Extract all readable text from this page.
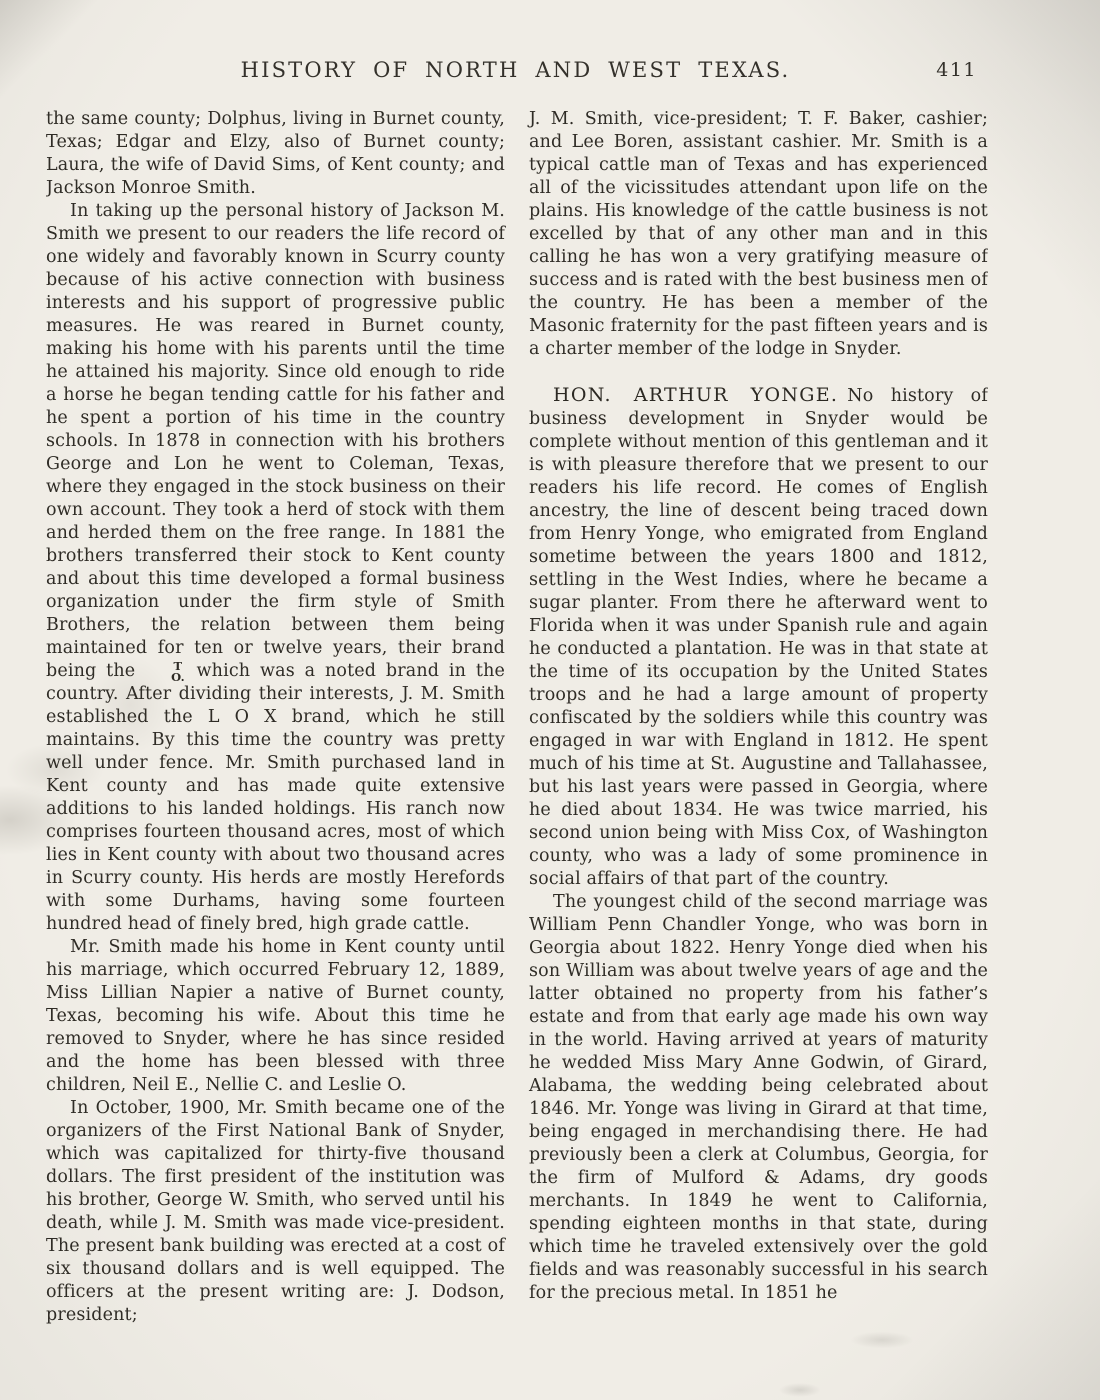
HISTORY OF NORTH AND WEST TEXAS.	411

the same county; Dolphus, living in Burnet county, Texas; Edgar and Elzy, also of Burnet county; Laura, the wife of David Sims, of Kent county; and Jackson Monroe Smith.

In taking up the personal history of Jackson M. Smith we present to our readers the life record of one widely and favorably known in Scurry county because of his active connection with business interests and his support of progressive public measures. He was reared in Burnet county, making his home with his parents until the time he attained his majority. Since old enough to ride a horse he began tending cattle for his father and he spent a portion of his time in the country schools. In 1878 in connection with his brothers George and Lon he went to Coleman, Texas, where they engaged in the stock business on their own account. They took a herd of stock with them and herded them on the free range. In 1881 the brothers transferred their stock to Kent county and about this time developed a formal business organization under the firm style of Smith Brothers, the relation between them being maintained for ten or twelve years, their brand being the	T
O. which was a noted brand in the country. After dividing their interests, J. M. Smith established the L O X brand, which he still maintains. By this time the country was pretty well under fence. Mr. Smith purchased land in Kent county and has made quite extensive additions to his landed holdings. His ranch now comprises fourteen thousand acres, most of which lies in Kent county with about two thousand acres in Scurry county. His herds are mostly Herefords with some Durhams, having some fourteen hundred head of finely bred, high grade cattle.

Mr. Smith made his home in Kent county until his marriage, which occurred February 12, 1889, Miss Lillian Napier a native of Burnet county, Texas, becoming his wife. About this time he removed to Snyder, where he has since resided and the home has been blessed with three children, Neil E., Nellie C. and Leslie O.

In October, 1900, Mr. Smith became one of the organizers of the First National Bank of Snyder, which was capitalized for thirty-five thousand dollars. The first president of the institution was his brother, George W. Smith, who served until his death, while J. M. Smith was made vice-president. The present bank building was erected at a cost of six thousand dollars and is well equipped. The officers at the present writing are: J. Dodson, president;

J. M. Smith, vice-president; T. F. Baker, cashier; and Lee Boren, assistant cashier. Mr. Smith is a typical cattle man of Texas and has experienced all of the vicissitudes attendant upon life on the plains. His knowledge of the cattle business is not excelled by that of any other man and in this calling he has won a very gratifying measure of success and is rated with the best business men of the country. He has been a member of the Masonic fraternity for the past fifteen years and is a charter member of the lodge in Snyder.

HON. ARTHUR YONGE. No history of business development in Snyder would be complete without mention of this gentleman and it is with pleasure therefore that we present to our readers his life record. He comes of English ancestry, the line of descent being traced down from Henry Yonge, who emigrated from England sometime between the years 1800 and 1812, settling in the West Indies, where he became a sugar planter. From there he afterward went to Florida when it was under Spanish rule and again he conducted a plantation. He was in that state at the time of its occupation by the United States troops and he had a large amount of property confiscated by the soldiers while this country was engaged in war with England in 1812. He spent much of his time at St. Augustine and Tallahassee, but his last years were passed in Georgia, where he died about 1834. He was twice married, his second union being with Miss Cox, of Washington county, who was a lady of some prominence in social affairs of that part of the country.

The youngest child of the second marriage was William Penn Chandler Yonge, who was born in Georgia about 1822. Henry Yonge died when his son William was about twelve years of age and the latter obtained no property from his father’s estate and from that early age made his own way in the world. Having arrived at years of maturity he wedded Miss Mary Anne Godwin, of Girard, Alabama, the wedding being celebrated about 1846. Mr. Yonge was living in Girard at that time, being engaged in merchandising there. He had previously been a clerk at Columbus, Georgia, for the firm of Mulford & Adams, dry goods merchants. In 1849 he went to California, spending eighteen months in that state, during which time he traveled extensively over the gold fields and was reasonably successful in his search for the precious metal. In 1851 he
